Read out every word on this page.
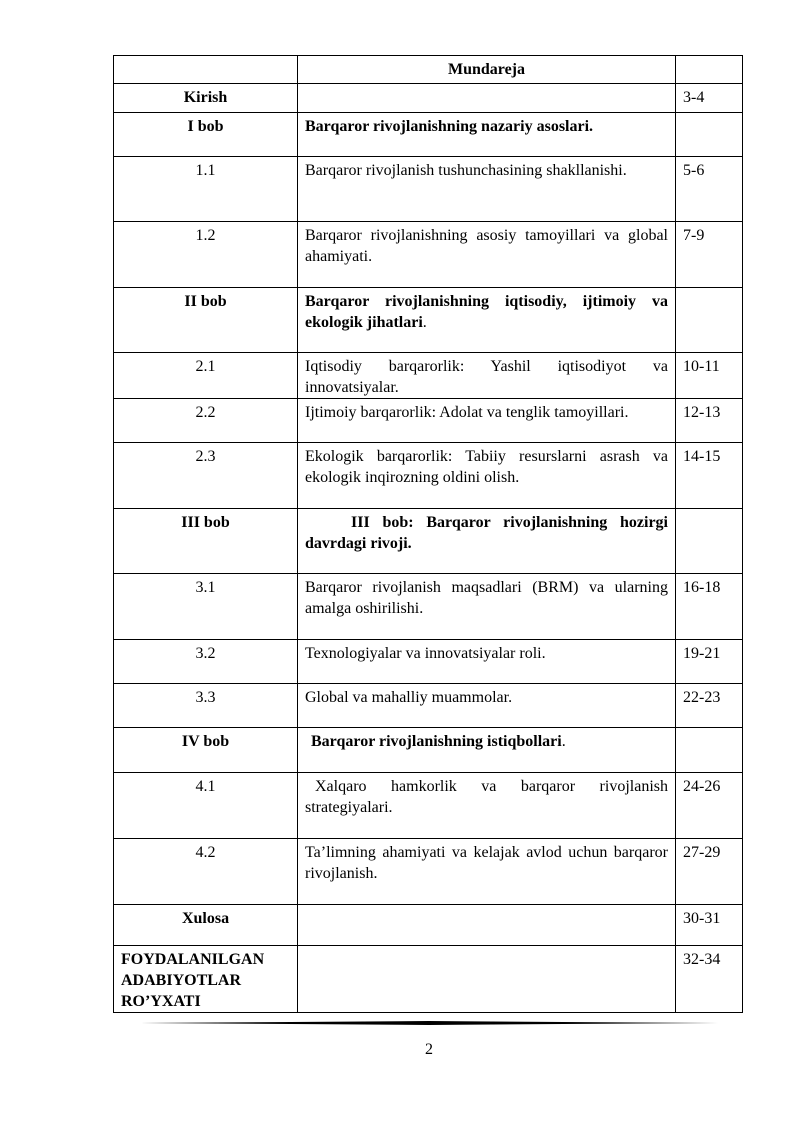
	Mundareja	
Kirish		3-4
I bob	Barqaror rivojlanishning nazariy asoslari.	
1.1	Barqaror rivojlanish tushunchasining shakllanishi.	5-6
1.2	Barqaror rivojlanishning asosiy tamoyillari va global ahamiyati.	7-9
II bob	Barqaror rivojlanishning iqtisodiy, ijtimoiy va ekologik jihatlari.	
2.1	Iqtisodiy barqarorlik: Yashil iqtisodiyot va innovatsiyalar.	10-11
2.2	Ijtimoiy barqarorlik: Adolat va tenglik tamoyillari.	12-13
2.3	Ekologik barqarorlik: Tabiiy resurslarni asrash va ekologik inqirozning oldini olish.	14-15
III bob	III bob: Barqaror rivojlanishning hozirgi davrdagi rivoji.	
3.1	Barqaror rivojlanish maqsadlari (BRM) va ularning amalga oshirilishi.	16-18
3.2	Texnologiyalar va innovatsiyalar roli.	19-21
3.3	Global va mahalliy muammolar.	22-23
IV bob	Barqaror rivojlanishning istiqbollari.	
4.1	Xalqaro hamkorlik va barqaror rivojlanish strategiyalari.	24-26
4.2	Ta’limning ahamiyati va kelajak avlod uchun barqaror rivojlanish.	27-29
Xulosa		30-31
FOYDALANILGAN ADABIYOTLAR RO’YXATI		32-34
2
